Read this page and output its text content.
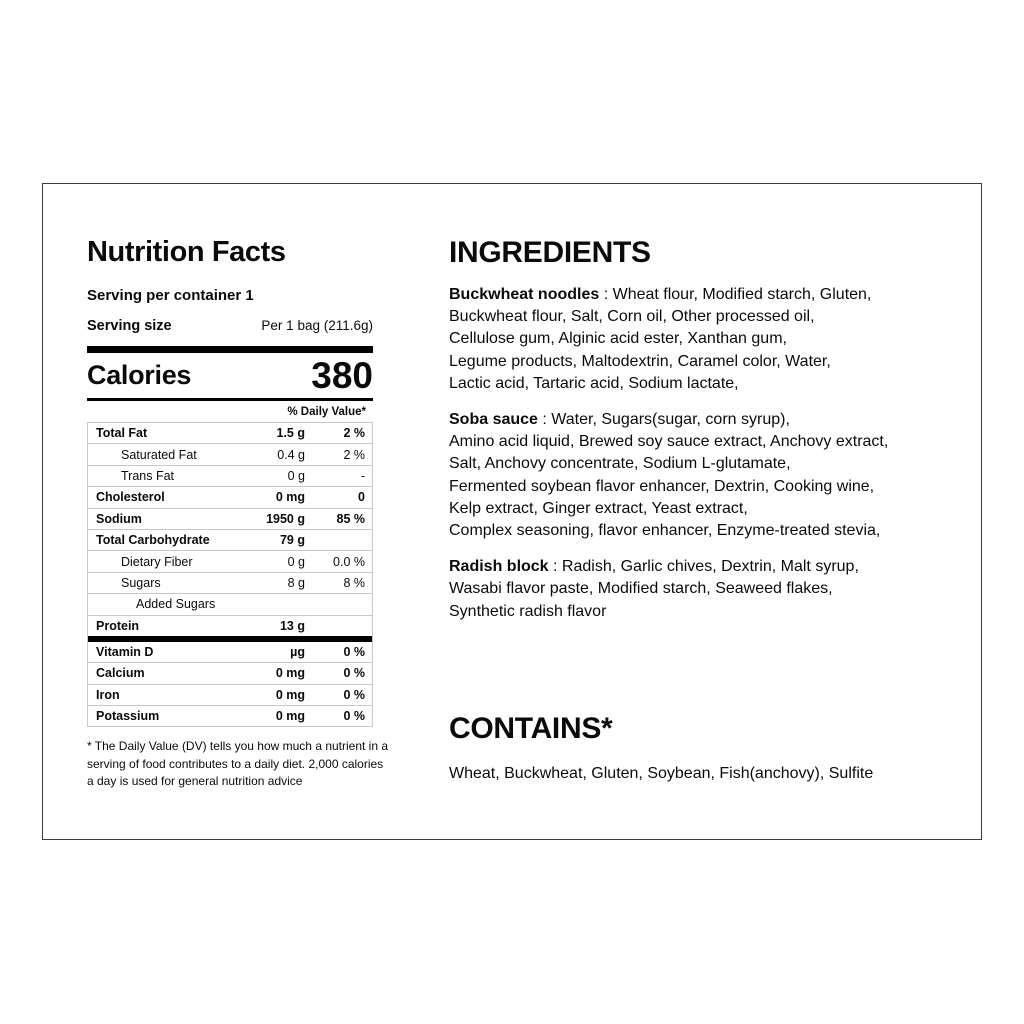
Nutrition Facts
Serving per container 1
Serving size	Per 1 bag (211.6g)
Calories	380
% Daily Value*
Total Fat	1.5 g	2 %
Saturated Fat	0.4 g	2 %
Trans Fat	0 g	-
Cholesterol	0 mg	0
Sodium	1950 g	85 %
Total Carbohydrate	79 g
Dietary Fiber	0 g	0.0 %
Sugars	8 g	8 %
Added Sugars
Protein	13 g
Vitamin D	µg	0 %
Calcium	0 mg	0 %
Iron	0 mg	0 %
Potassium	0 mg	0 %
* The Daily Value (DV) tells you how much a nutrient in a
serving of food contributes to a daily diet. 2,000 calories
a day is used for general nutrition advice
INGREDIENTS

Buckwheat noodles : Wheat flour, Modified starch, Gluten,
Buckwheat flour, Salt, Corn oil, Other processed oil,
Cellulose gum, Alginic acid ester, Xanthan gum,
Legume products, Maltodextrin, Caramel color, Water,
Lactic acid, Tartaric acid, Sodium lactate,

Soba sauce : Water, Sugars(sugar, corn syrup),
Amino acid liquid, Brewed soy sauce extract, Anchovy extract,
Salt, Anchovy concentrate, Sodium L-glutamate,
Fermented soybean flavor enhancer, Dextrin, Cooking wine,
Kelp extract, Ginger extract, Yeast extract,
Complex seasoning, flavor enhancer, Enzyme-treated stevia,

Radish block : Radish, Garlic chives, Dextrin, Malt syrup,
Wasabi flavor paste, Modified starch, Seaweed flakes,
Synthetic radish flavor

CONTAINS*

Wheat, Buckwheat, Gluten, Soybean, Fish(anchovy), Sulfite
